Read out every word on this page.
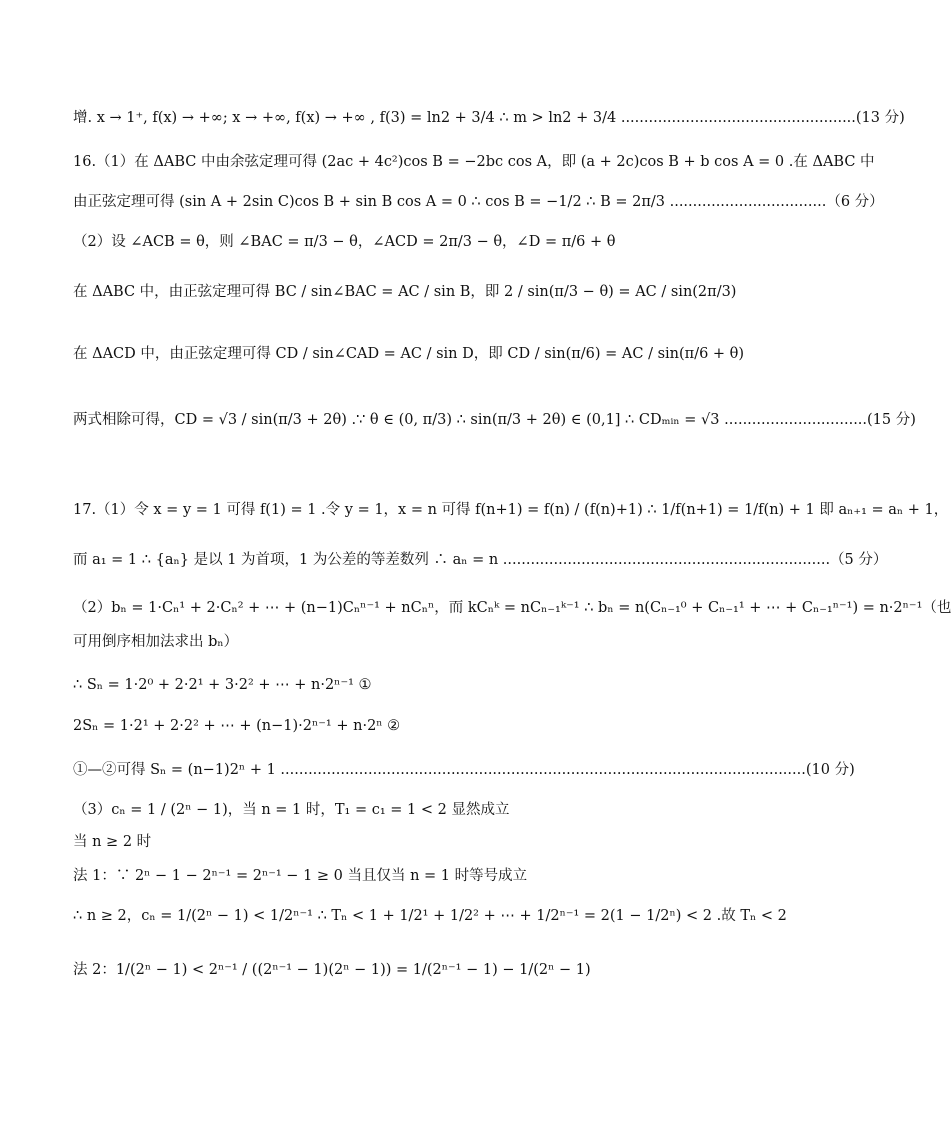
增. x → 1⁺, f(x) → +∞; x → +∞, f(x) → +∞ , f(3) = ln2 + 3/4 ∴ m > ln2 + 3/4 ...................................................(13 分)
16.（1）在 ΔABC 中由余弦定理可得 (2ac + 4c²)cos B = −2bc cos A，即 (a + 2c)cos B + b cos A = 0 .在 ΔABC 中
由正弦定理可得 (sin A + 2sin C)cos B + sin B cos A = 0 ∴ cos B = −1/2 ∴ B = 2π/3 ..................................（6 分）
（2）设 ∠ACB = θ，则 ∠BAC = π/3 − θ，∠ACD = 2π/3 − θ，∠D = π/6 + θ
在 ΔABC 中，由正弦定理可得 BC / sin∠BAC = AC / sin B，即 2 / sin(π/3 − θ) = AC / sin(2π/3)
在 ΔACD 中，由正弦定理可得 CD / sin∠CAD = AC / sin D，即 CD / sin(π/6) = AC / sin(π/6 + θ)
两式相除可得，CD = √3 / sin(π/3 + 2θ) .∵ θ ∈ (0, π/3) ∴ sin(π/3 + 2θ) ∈ (0,1] ∴ CDₘᵢₙ = √3 ...............................(15 分)
17.（1）令 x = y = 1 可得 f(1) = 1 .令 y = 1，x = n 可得 f(n+1) = f(n) / (f(n)+1) ∴ 1/f(n+1) = 1/f(n) + 1 即 aₙ₊₁ = aₙ + 1，
而 a₁ = 1 ∴ {aₙ} 是以 1 为首项，1 为公差的等差数列 ∴ aₙ = n .......................................................................（5 分）
（2）bₙ = 1·Cₙ¹ + 2·Cₙ² + ⋯ + (n−1)Cₙⁿ⁻¹ + nCₙⁿ，而 kCₙᵏ = nCₙ₋₁ᵏ⁻¹ ∴ bₙ = n(Cₙ₋₁⁰ + Cₙ₋₁¹ + ⋯ + Cₙ₋₁ⁿ⁻¹) = n·2ⁿ⁻¹（也
可用倒序相加法求出 bₙ）
∴ Sₙ = 1·2⁰ + 2·2¹ + 3·2² + ⋯ + n·2ⁿ⁻¹ ①
2Sₙ = 1·2¹ + 2·2² + ⋯ + (n−1)·2ⁿ⁻¹ + n·2ⁿ ②
①—②可得 Sₙ = (n−1)2ⁿ + 1 ..................................................................................................................(10 分)
（3）cₙ = 1 / (2ⁿ − 1)，当 n = 1 时，T₁ = c₁ = 1 < 2 显然成立
当 n ≥ 2 时
法 1：∵ 2ⁿ − 1 − 2ⁿ⁻¹ = 2ⁿ⁻¹ − 1 ≥ 0 当且仅当 n = 1 时等号成立
∴ n ≥ 2，cₙ = 1/(2ⁿ − 1) < 1/2ⁿ⁻¹ ∴ Tₙ < 1 + 1/2¹ + 1/2² + ⋯ + 1/2ⁿ⁻¹ = 2(1 − 1/2ⁿ) < 2 .故 Tₙ < 2
法 2：1/(2ⁿ − 1) < 2ⁿ⁻¹ / ((2ⁿ⁻¹ − 1)(2ⁿ − 1)) = 1/(2ⁿ⁻¹ − 1) − 1/(2ⁿ − 1)
